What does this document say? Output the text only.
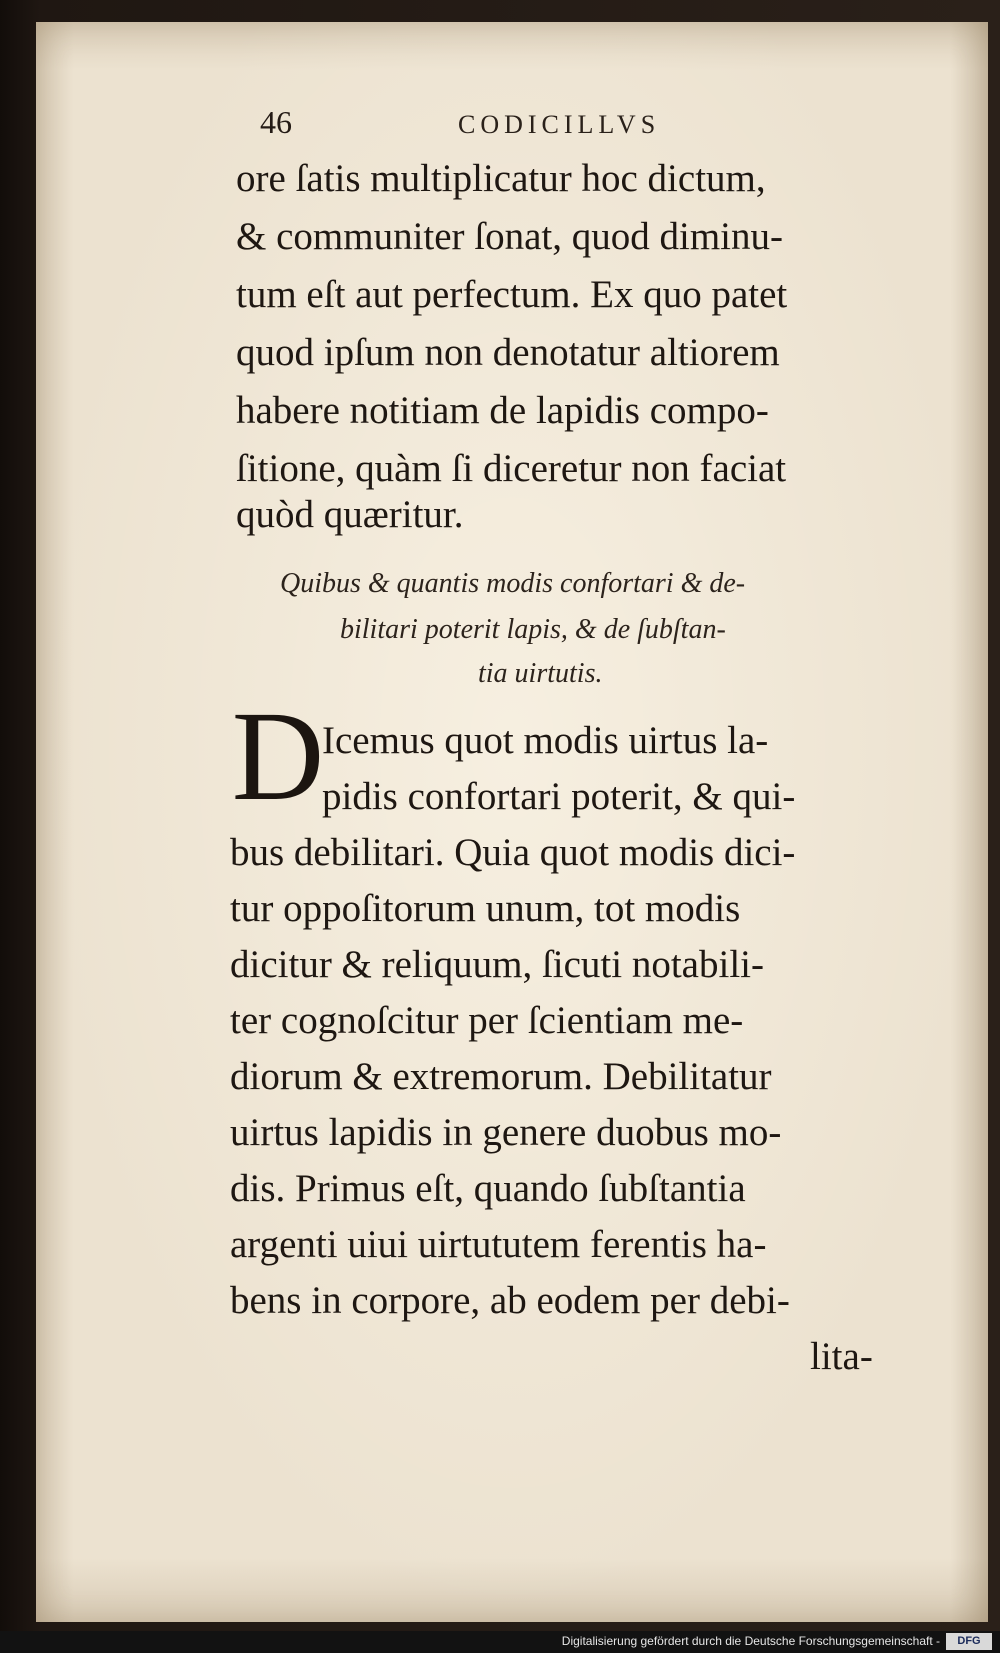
46	CODICILLVS
ore ſatis multiplicatur hoc dictum,
& communiter ſonat, quod diminu-
tum eſt aut perfectum. Ex quo patet
quod ipſum non denotatur altiorem
habere notitiam de lapidis compo-
ſitione, quàm ſi diceretur non faciat
quòd quæritur.
Quibus & quantis modis confortari & de-
bilitari poterit lapis, & de ſubſtan-
tia uirtutis.
D
Icemus quot modis uirtus la-
pidis confortari poterit, & qui-
bus debilitari. Quia quot modis dici-
tur oppoſitorum unum, tot modis
dicitur & reliquum, ſicuti notabili-
ter cognoſcitur per ſcientiam me-
diorum & extremorum. Debilitatur
uirtus lapidis in genere duobus mo-
dis. Primus eſt, quando ſubſtantia
argenti uiui uirtututem ferentis ha-
bens in corpore, ab eodem per debi-
lita-
Digitalisierung gefördert durch die Deutsche Forschungsgemeinschaft -	DFG
